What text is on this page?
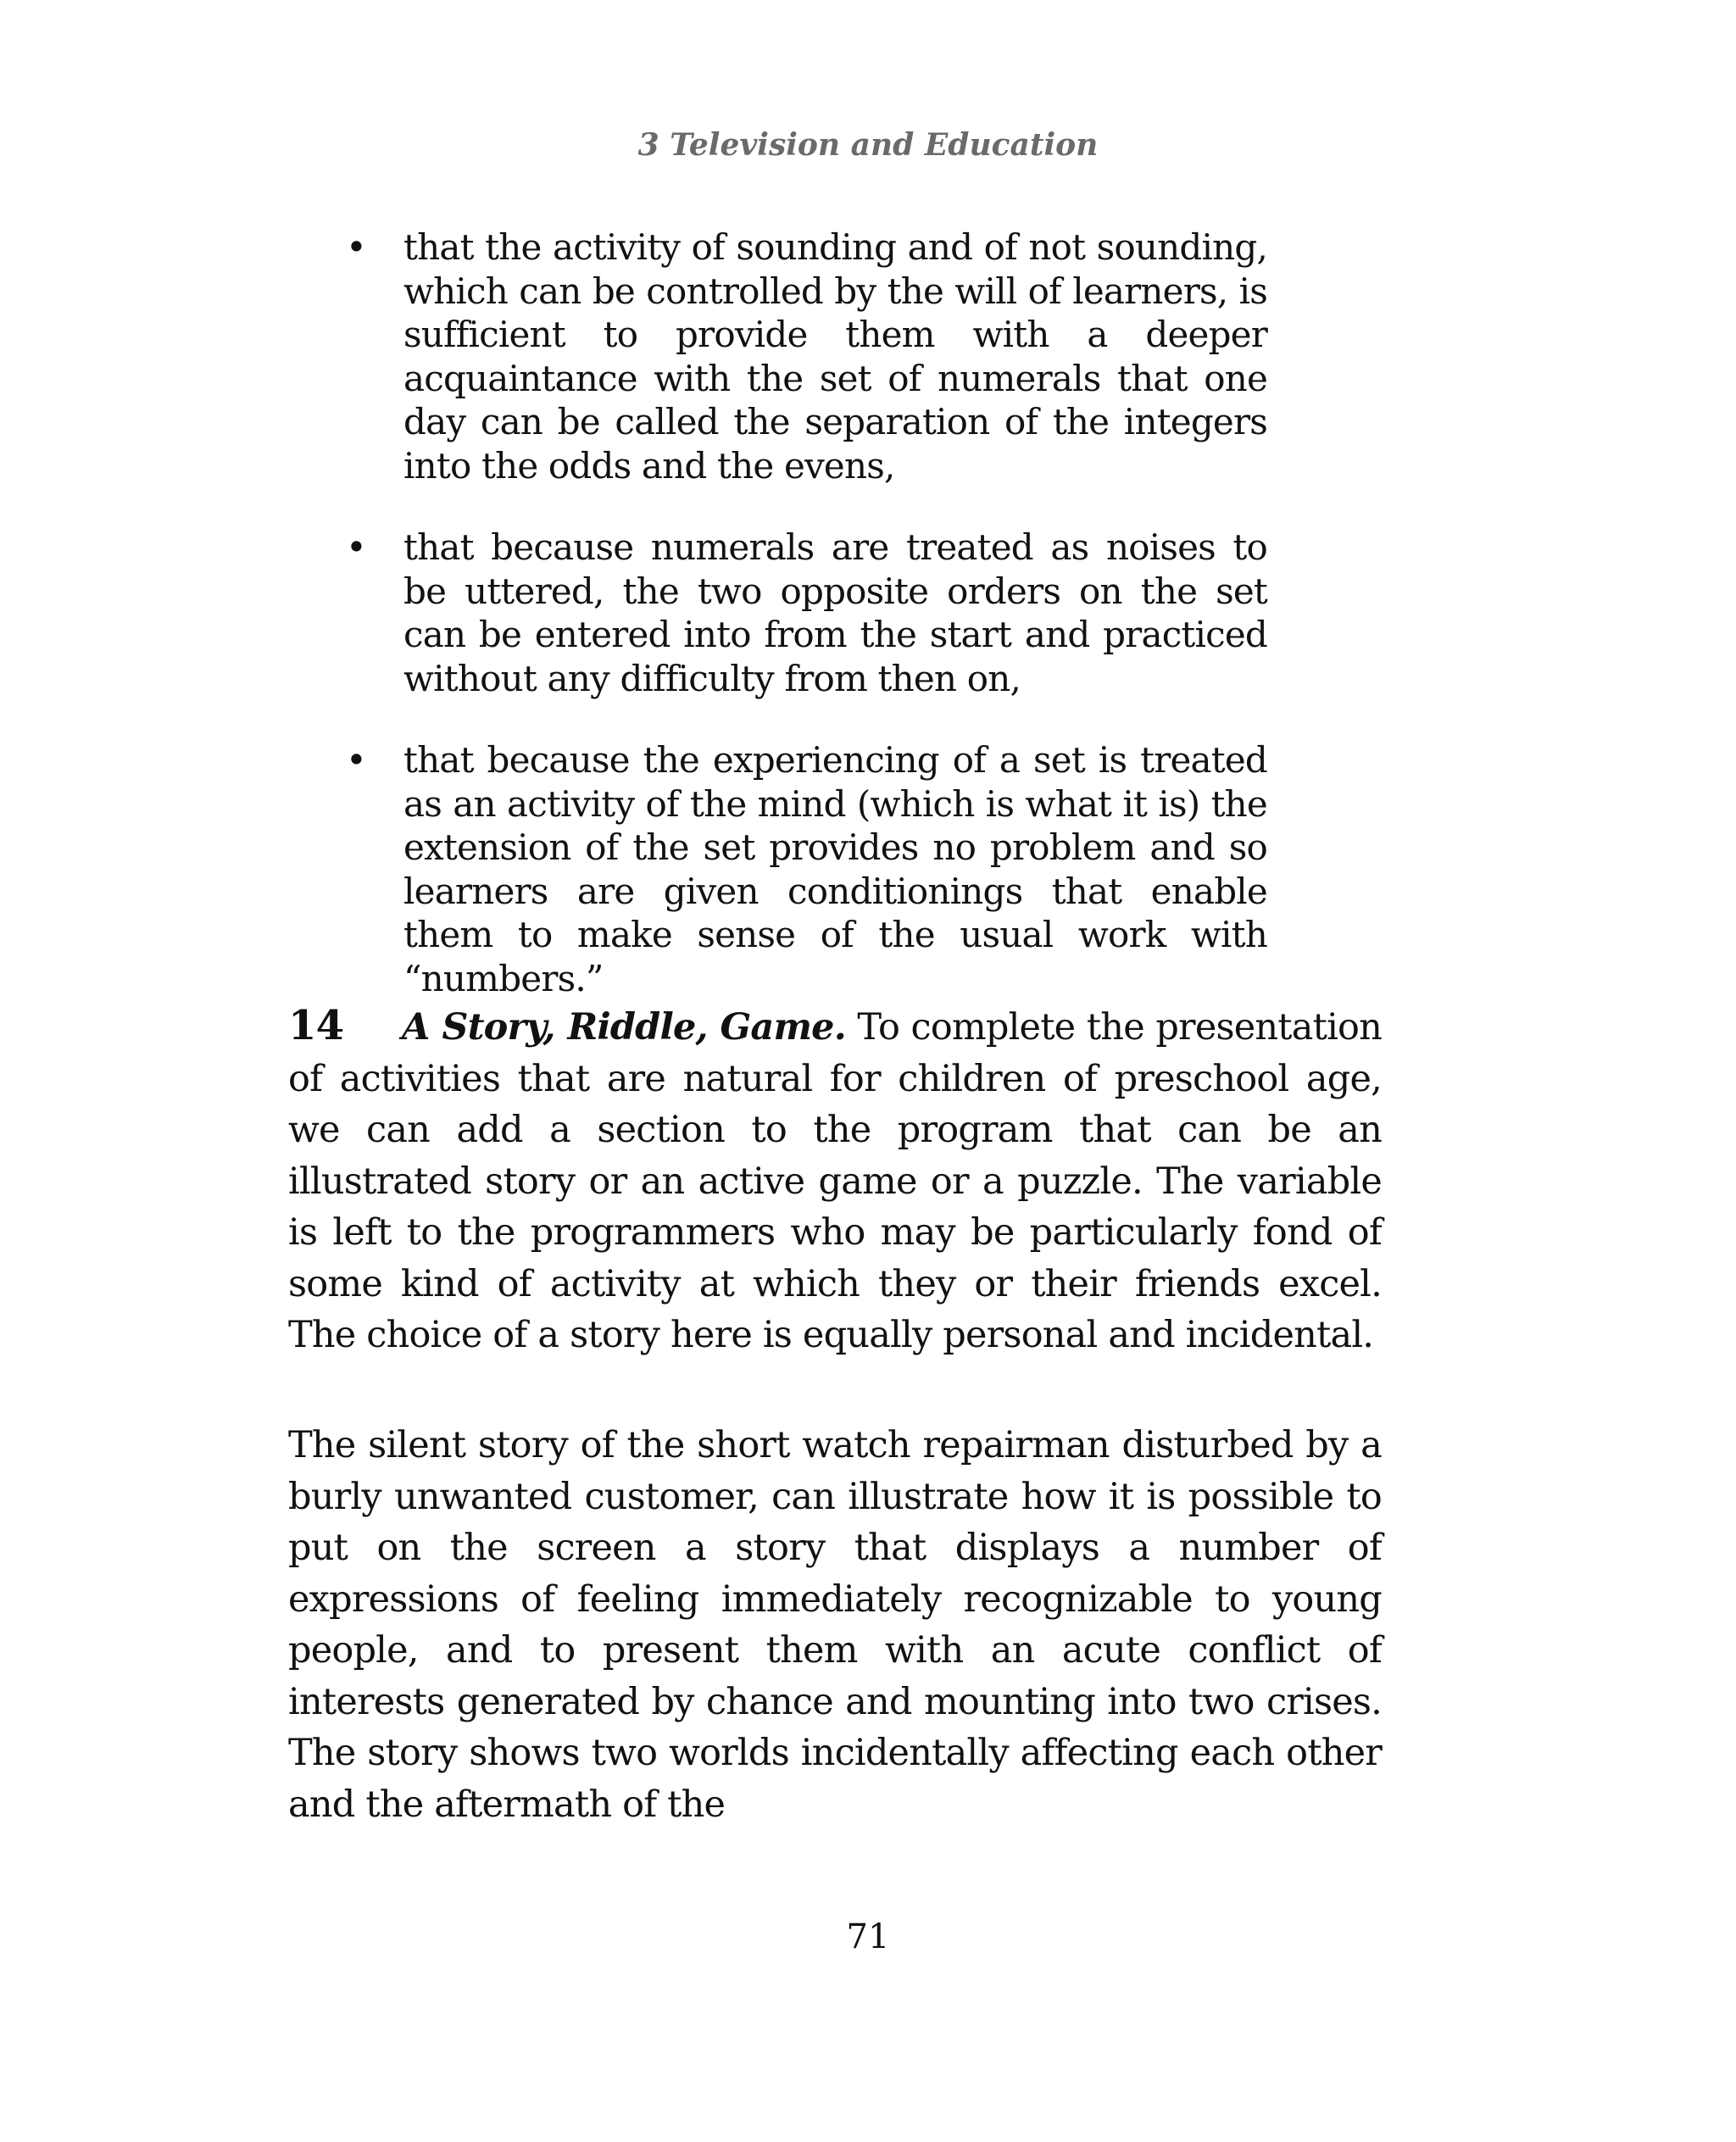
3 Television and Education
• that the activity of sounding and of not sounding, which can be controlled by the will of learners, is sufficient to provide them with a deeper acquaintance with the set of numerals that one day can be called the separation of the integers into the odds and the evens,
• that because numerals are treated as noises to be uttered, the two opposite orders on the set can be entered into from the start and practiced without any difficulty from then on,
• that because the experiencing of a set is treated as an activity of the mind (which is what it is) the extension of the set provides no problem and so learners are given conditionings that enable them to make sense of the usual work with “numbers.”

14 A Story, Riddle, Game. To complete the presentation of activities that are natural for children of preschool age, we can add a section to the program that can be an illustrated story or an active game or a puzzle. The variable is left to the programmers who may be particularly fond of some kind of activity at which they or their friends excel. The choice of a story here is equally personal and incidental.

The silent story of the short watch repairman disturbed by a burly unwanted customer, can illustrate how it is possible to put on the screen a story that displays a number of expressions of feeling immediately recognizable to young people, and to present them with an acute conflict of interests generated by chance and mounting into two crises. The story shows two worlds incidentally affecting each other and the aftermath of the

71
